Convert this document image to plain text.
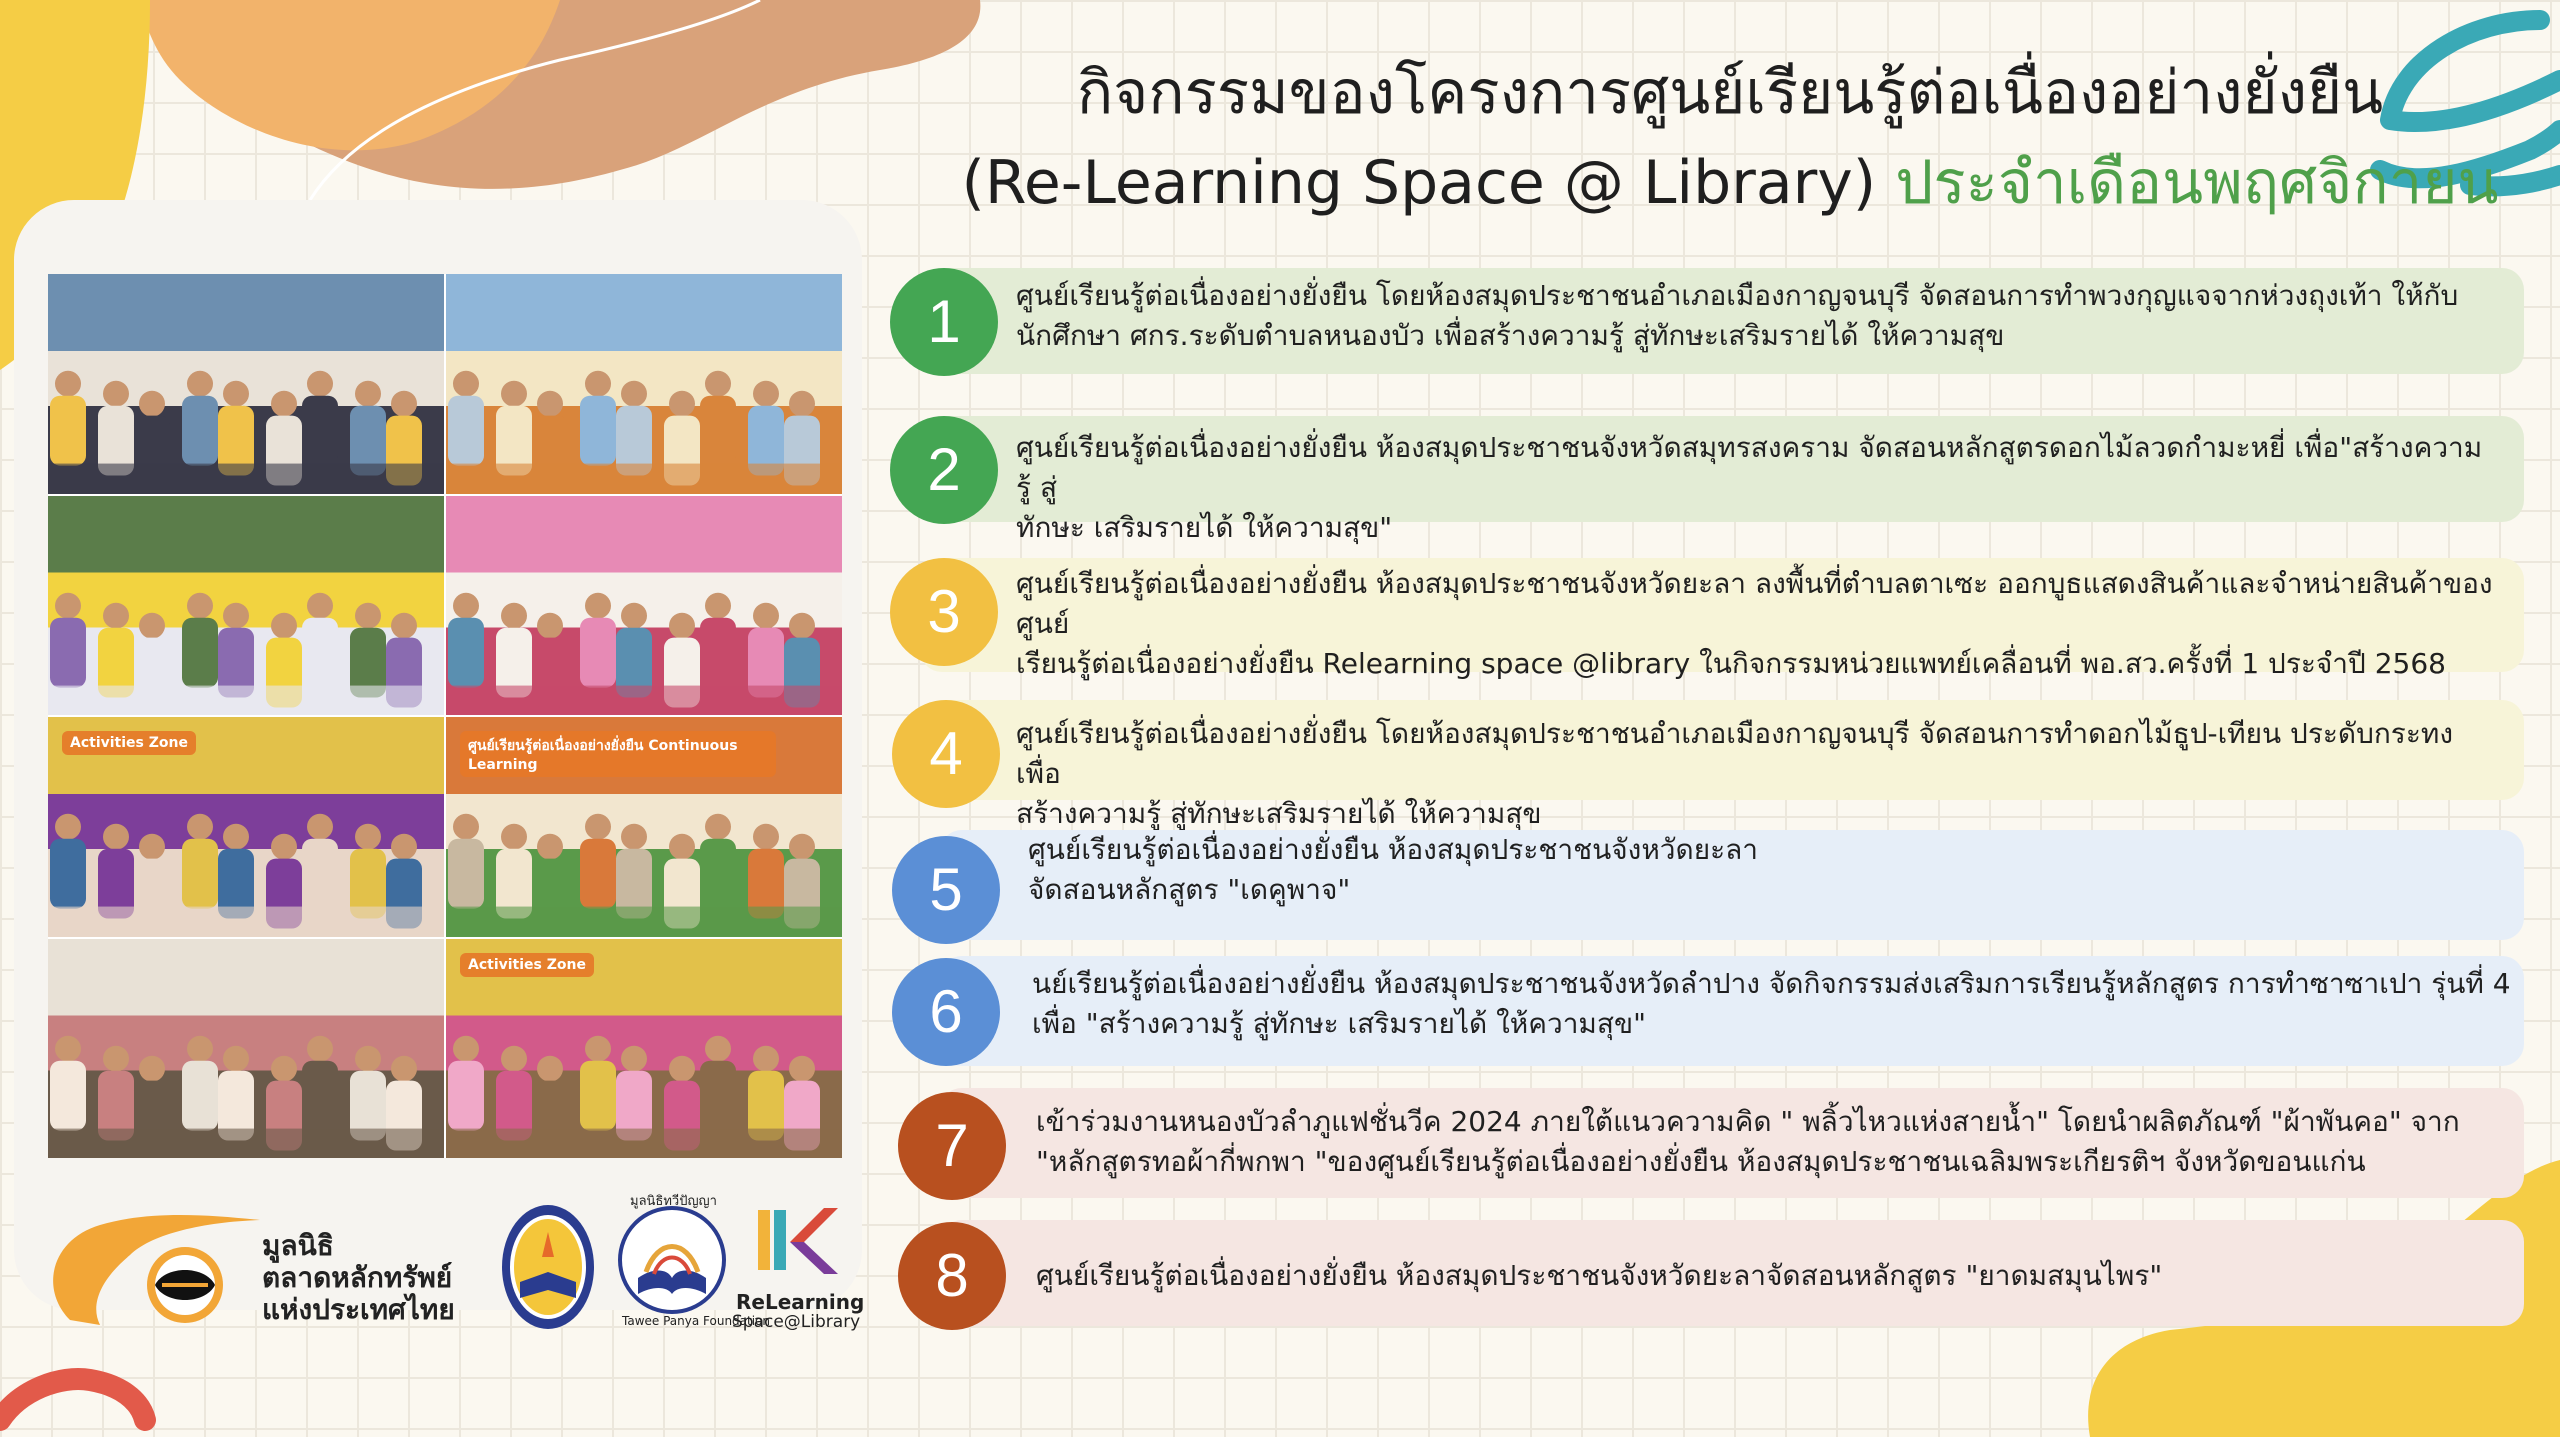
กิจกรรมของโครงการศูนย์เรียนรู้ต่อเนื่องอย่างยั่งยืน
(Re-Learning Space @ Library) ประจำเดือนพฤศจิกายน
Activities Zone	ศูนย์เรียนรู้ต่อเนื่องอย่างยั่งยืน Continuous Learning
Activities Zone
มูลนิธิ
ตลาดหลักทรัพย์
แห่งประเทศไทย
มูลนิธิทวีปัญญา
Tawee Panya Foundation
ReLearning
Space@Library
1	ศูนย์เรียนรู้ต่อเนื่องอย่างยั่งยืน โดยห้องสมุดประชาชนอำเภอเมืองกาญจนบุรี จัดสอนการทำพวงกุญแจจากห่วงถุงเท้า ให้กับ
นักศึกษา ศกร.ระดับตำบลหนองบัว เพื่อสร้างความรู้ สู่ทักษะเสริมรายได้ ให้ความสุข
2	ศูนย์เรียนรู้ต่อเนื่องอย่างยั่งยืน ห้องสมุดประชาชนจังหวัดสมุทรสงคราม จัดสอนหลักสูตรดอกไม้ลวดกำมะหยี่ เพื่อ"สร้างความรู้ สู่
ทักษะ เสริมรายได้ ให้ความสุข"
3	ศูนย์เรียนรู้ต่อเนื่องอย่างยั่งยืน ห้องสมุดประชาชนจังหวัดยะลา ลงพื้นที่ตำบลตาเซะ ออกบูธแสดงสินค้าและจำหน่ายสินค้าของศูนย์
เรียนรู้ต่อเนื่องอย่างยั่งยืน Relearning space @library ในกิจกรรมหน่วยแพทย์เคลื่อนที่ พอ.สว.ครั้งที่ 1 ประจำปี 2568
4	ศูนย์เรียนรู้ต่อเนื่องอย่างยั่งยืน โดยห้องสมุดประชาชนอำเภอเมืองกาญจนบุรี จัดสอนการทำดอกไม้ธูป-เทียน ประดับกระทงเพื่อ
สร้างความรู้ สู่ทักษะเสริมรายได้ ให้ความสุข
5
ศูนย์เรียนรู้ต่อเนื่องอย่างยั่งยืน ห้องสมุดประชาชนจังหวัดยะลา
จัดสอนหลักสูตร "เดคูพาจ"
6	นย์เรียนรู้ต่อเนื่องอย่างยั่งยืน ห้องสมุดประชาชนจังหวัดลำปาง จัดกิจกรรมส่งเสริมการเรียนรู้หลักสูตร การทำซาซาเปา รุ่นที่ 4
เพื่อ "สร้างความรู้ สู่ทักษะ เสริมรายได้ ให้ความสุข"
7	เข้าร่วมงานหนองบัวลำภูแฟชั่นวีค 2024 ภายใต้แนวความคิด " พลิ้วไหวแห่งสายน้ำ" โดยนำผลิตภัณฑ์ "ผ้าพันคอ" จาก
"หลักสูตรทอผ้ากี่พกพา "ของศูนย์เรียนรู้ต่อเนื่องอย่างยั่งยืน ห้องสมุดประชาชนเฉลิมพระเกียรติฯ จังหวัดขอนแก่น
8	ศูนย์เรียนรู้ต่อเนื่องอย่างยั่งยืน ห้องสมุดประชาชนจังหวัดยะลาจัดสอนหลักสูตร "ยาดมสมุนไพร"
